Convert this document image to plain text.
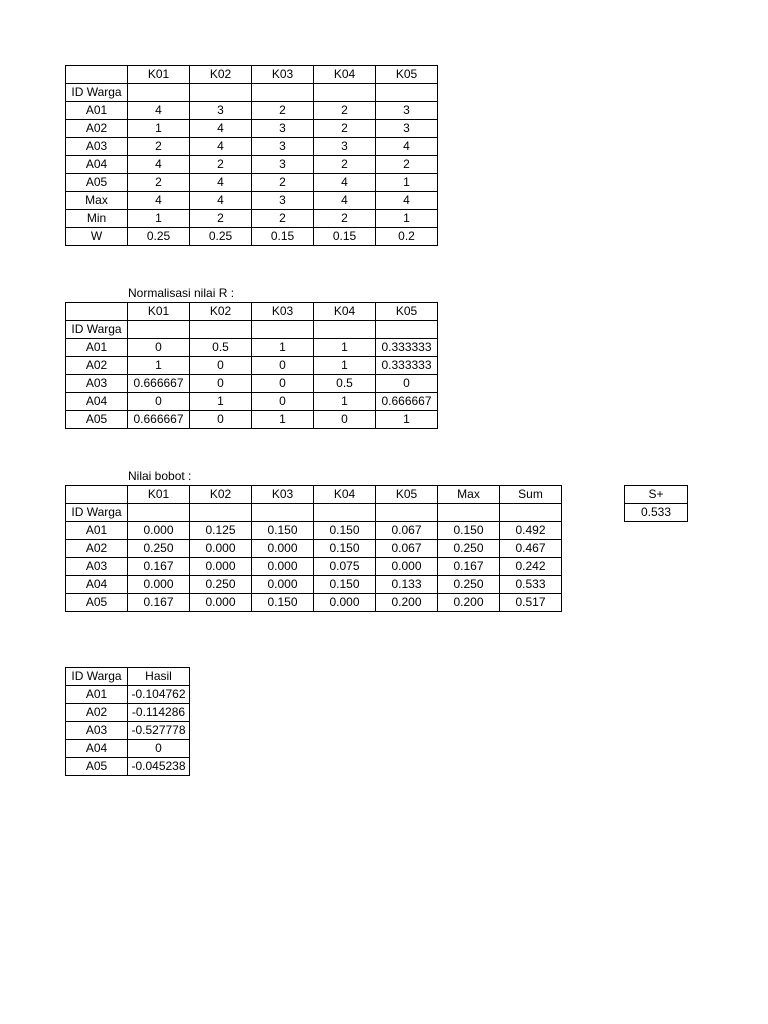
	K01	K02	K03	K04	K05
ID Warga					
A01	4	3	2	2	3
A02	1	4	3	2	3
A03	2	4	3	3	4
A04	4	2	3	2	2
A05	2	4	2	4	1
Max	4	4	3	4	4
Min	1	2	2	2	1
W	0.25	0.25	0.15	0.15	0.2
Normalisasi nilai R :
	K01	K02	K03	K04	K05
ID Warga					
A01	0	0.5	1	1	0.333333
A02	1	0	0	1	0.333333
A03	0.666667	0	0	0.5	0
A04	0	1	0	1	0.666667
A05	0.666667	0	1	0	1
Nilai bobot :
	K01	K02	K03	K04	K05	Max	Sum
ID Warga							
A01	0.000	0.125	0.150	0.150	0.067	0.150	0.492
A02	0.250	0.000	0.000	0.150	0.067	0.250	0.467
A03	0.167	0.000	0.000	0.075	0.000	0.167	0.242
A04	0.000	0.250	0.000	0.150	0.133	0.250	0.533
A05	0.167	0.000	0.150	0.000	0.200	0.200	0.517
S+
0.533
ID Warga	Hasil
A01	-0.104762
A02	-0.114286
A03	-0.527778
A04	0
A05	-0.045238
